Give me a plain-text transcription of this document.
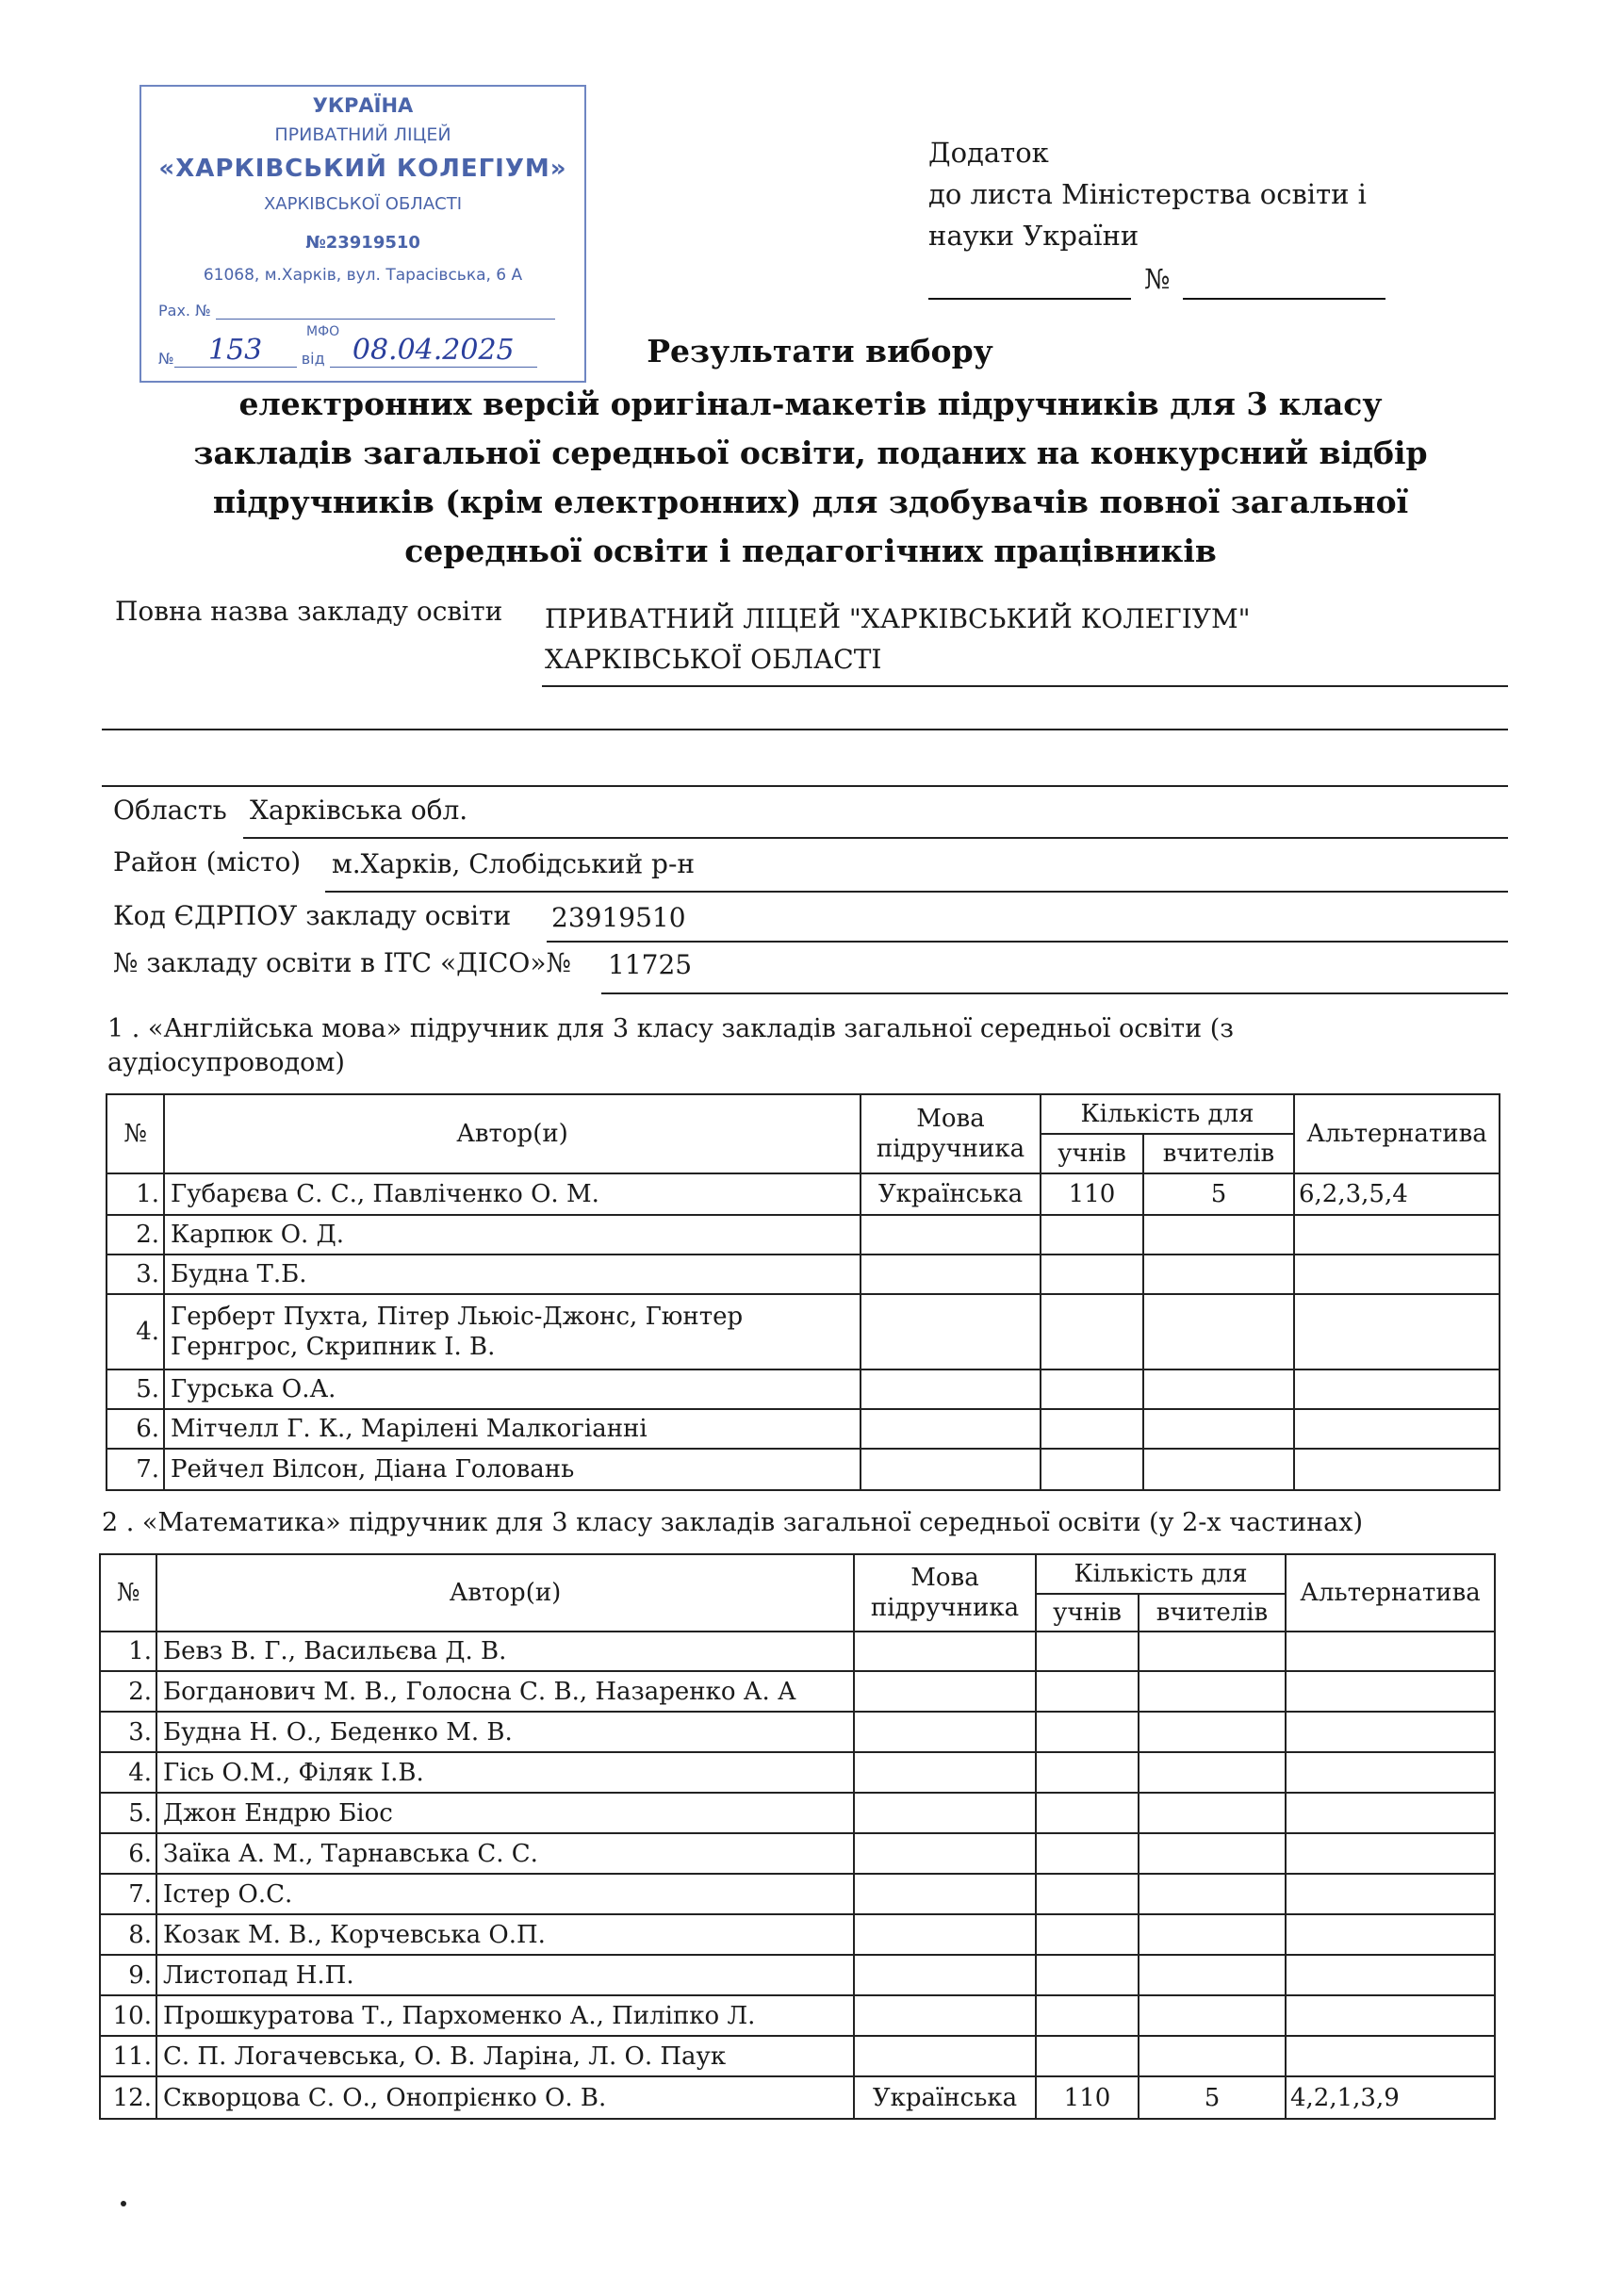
УКРАЇНА
ПРИВАТНИЙ ЛІЦЕЙ
«ХАРКІВСЬКИЙ КОЛЕГІУМ»
ХАРКІВСЬКОЇ ОБЛАСТІ
№23919510
61068, м.Харків, вул. Тарасівська, 6 А
Рах. №
МФО
№ 153	від 08.04.2025
Додаток
до листа Міністерства освіти і
науки України
№
Результати вибору
електронних версій оригінал-макетів підручників для 3 класу
закладів загальної середньої освіти, поданих на конкурсний відбір
підручників (крім електронних) для здобувачів повної загальної
середньої освіти і педагогічних працівників
Повна назва закладу освіти ПРИВАТНИЙ ЛІЦЕЙ "ХАРКІВСЬКИЙ КОЛЕГІУМ"
ХАРКІВСЬКОЇ ОБЛАСТІ
Область Харківська обл.
Район (місто) м.Харків, Слобідський р-н
Код ЄДРПОУ закладу освіти 23919510
№ закладу освіти в ІТС «ДІСО»№ 11725
1 . «Англійська мова» підручник для 3 класу закладів загальної середньої освіти (з аудіосупроводом)
№	Автор(и)	Мова підручника	Кількість для		Альтернатива
			учнів	вчителів	
1.	Губарєва С. С., Павліченко О. М.	Українська	110	5	6,2,3,5,4
2.	Карпюк О. Д.				
3.	Будна Т.Б.				
4.	Герберт Пухта, Пітер Льюіс-Джонс, Гюнтер Гернгрос, Скрипник І. В.				
5.	Гурська О.А.				
6.	Мітчелл Г. К., Марілені Малкогіанні				
7.	Рейчел Вілсон, Діана Головань				
2 . «Математика» підручник для 3 класу закладів загальної середньої освіти (у 2-х частинах)
№	Автор(и)	Мова підручника	Кількість для		Альтернатива
			учнів	вчителів	
1.	Бевз В. Г., Васильєва Д. В.				
2.	Богданович М. В., Голосна С. В., Назаренко А. А				
3.	Будна Н. О., Беденко М. В.				
4.	Гісь О.М., Філяк І.В.				
5.	Джон Ендрю Біос				
6.	Заїка А. М., Тарнавська С. С.				
7.	Істер О.С.				
8.	Козак М. В., Корчевська О.П.				
9.	Листопад Н.П.				
10.	Прошкуратова Т., Пархоменко А., Пиліпко Л.				
11.	С. П. Логачевська, О. В. Ларіна, Л. О. Паук				
12.	Скворцова С. О., Онопрієнко О. В.	Українська	110	5	4,2,1,3,9
